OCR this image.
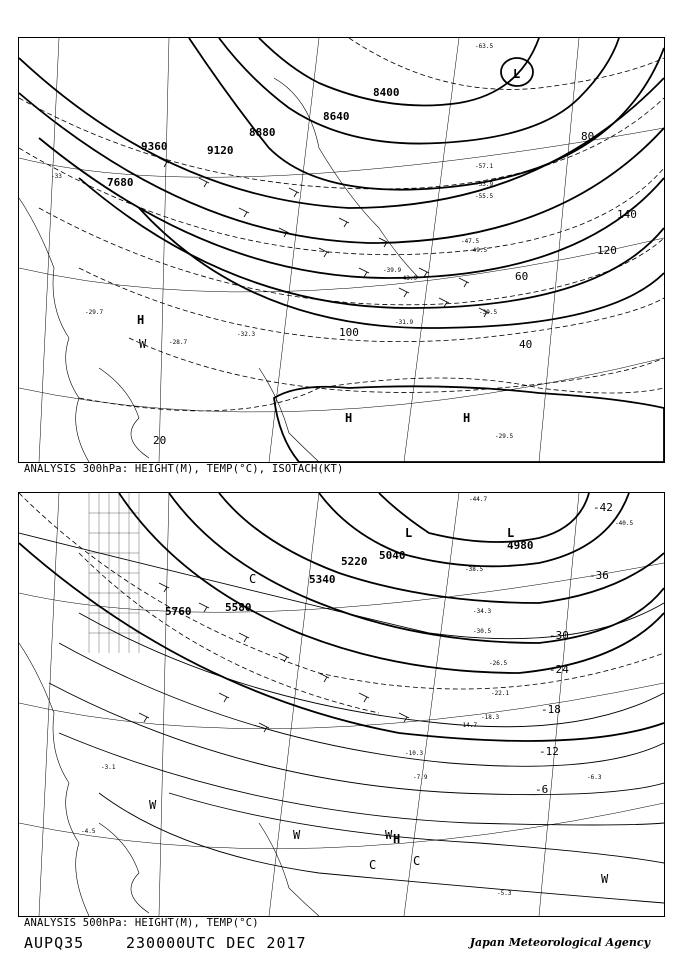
9360	9120
8880
8640
8400
7680
20
40
60
80
100
120
140
H	H
H
L
W
-33
-39.9
-43.9
-47.5
-49.5
-53.9
-55.5
-57.1
-63.5
-32.3
-29.7
-28.7
-31.9
-29.5
-39.5
ANALYSIS 300hPa: HEIGHT(M), TEMP(°C), ISOTACH(KT)
5760	5580
5340
5220 5040
4980
-6
-12
-18
-24
-30
-36
-42
L	L
C
W
W	W H
C	C
W
-44.7
-40.5
-38.5
-34.3
-30.5
-26.5
-22.1
-18.3
-14.7
-10.3
-7.9	-6.3
-5.3
-4.5
-3.1
ANALYSIS 500hPa: HEIGHT(M), TEMP(°C)
AUPQ35	230000UTC DEC 2017	Japan Meteorological Agency
